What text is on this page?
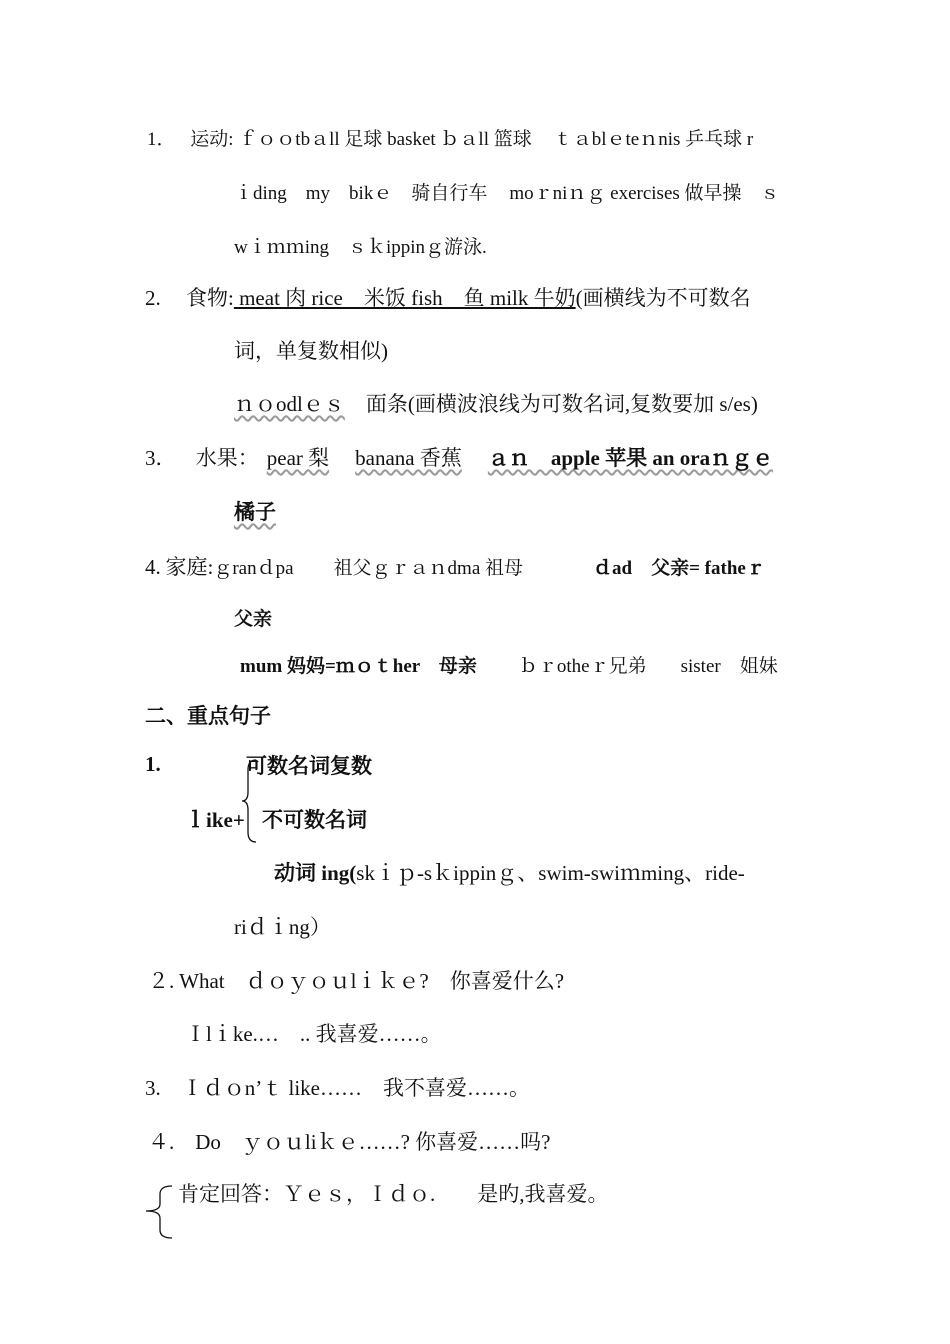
1． 运动: ｆｏｏtbａll 足球 basket ｂａll 篮球 ｔａblｅteｎnis 乒乓球 r
ｉding　my　bikｅ　骑自行车 moｒniｎｇ exercises 做早操　ｓ
wｉｍｍing　ｓｋippinｇ游泳.
2. 食物: meat 肉 rice　米饭 fish　鱼 milk 牛奶(画横线为不可数名
词，单复数相似)
ｎｏodlｅｓ　面条(画横波浪线为可数名词,复数要加 s/es)
3． 水果： pear 梨 banana 香蕉 ａｎ　apple 苹果 an oraｎｇｅ
橘子
4. 家庭:ｇranｄpa 祖父ｇｒａｎdma 祖母	ｄad　父亲= fatheｒ
父亲
mum 妈妈=ｍｏｔher　母亲 ｂｒotheｒ兄弟 sister　姐妹
二、重点句子
1.	可数名词复数
ｌike+ 不可数名词
动词 ing(skｉｐ-sｋippinｇ、swim-swiｍming、ride-
riｄｉng）
２. What　ｄｏｙｏｕlｉｋｅ?　你喜爱什么?
Ｉlｉke.…　.. 我喜爱……。
3.　Ｉｄｏn’ｔ like……　我不喜爱……。
４.　Do　ｙｏｕliｋｅ……? 你喜爱……吗?
肯定回答：Ｙｅｓ，Ｉｄｏ.　　是旳,我喜爱。
